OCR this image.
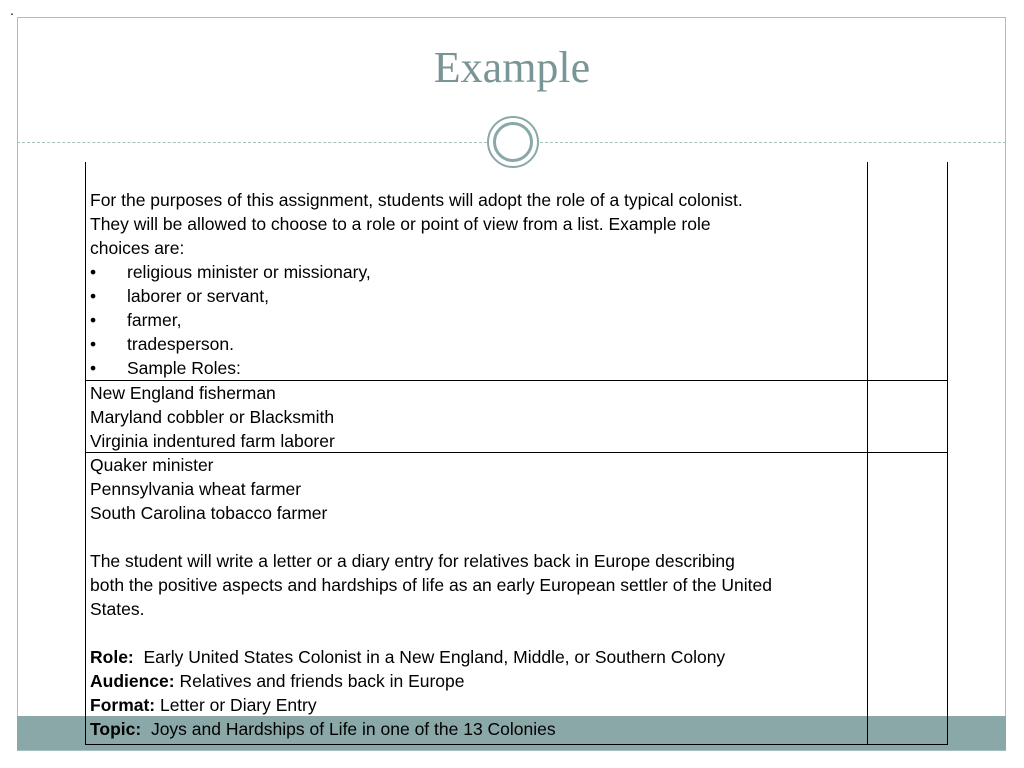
.
Example
For the purposes of this assignment, students will adopt the role of a typical colonist.
They will be allowed to choose to a role or point of view from a list. Example role
choices are:
• religious minister or missionary,
• laborer or servant,
• farmer,
• tradesperson.
• Sample Roles:
New England fisherman
Maryland cobbler or Blacksmith
Virginia indentured farm laborer
Quaker minister
Pennsylvania wheat farmer
South Carolina tobacco farmer
The student will write a letter or a diary entry for relatives back in Europe describing
both the positive aspects and hardships of life as an early European settler of the United
States.
Role: Early United States Colonist in a New England, Middle, or Southern Colony
Audience: Relatives and friends back in Europe
Format: Letter or Diary Entry
Topic: Joys and Hardships of Life in one of the 13 Colonies
